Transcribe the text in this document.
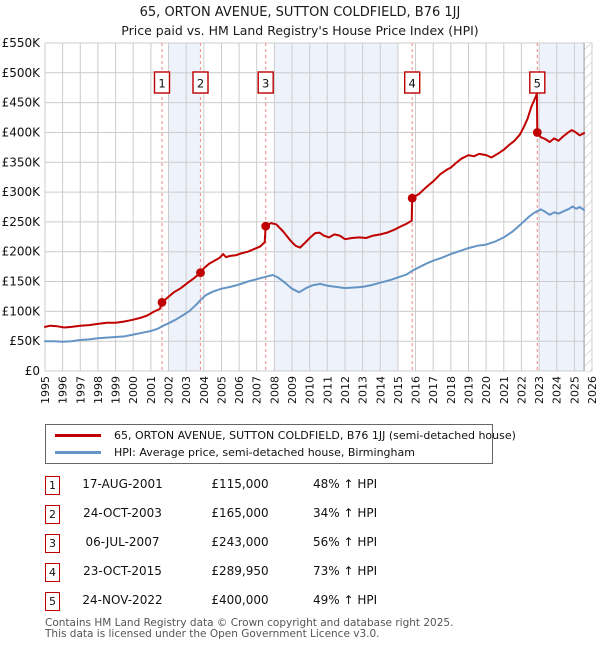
65, ORTON AVENUE, SUTTON COLDFIELD, B76 1JJ
Price paid vs. HM Land Registry's House Price Index (HPI)
1	2	3	4	5
£0
£50K
£100K
£150K
£200K
£250K
£300K
£350K
£400K
£450K
£500K
£550K
1995 1996 1997 1998 1999 2000 2001 2002 2003 2004 2005 2006 2007 2008 2009 2010 2011 2012 2013 2014 2015 2016 2017 2018 2019 2020 2021 2022 2023 2024 2025 2026
65, ORTON AVENUE, SUTTON COLDFIELD, B76 1JJ (semi-detached house)
HPI: Average price, semi-detached house, Birmingham
1	17-AUG-2001	£115,000	48% ↑ HPI
2	24-OCT-2003	£165,000	34% ↑ HPI
3	06-JUL-2007	£243,000	56% ↑ HPI
4	23-OCT-2015	£289,950	73% ↑ HPI
5	24-NOV-2022	£400,000	49% ↑ HPI
Contains HM Land Registry data © Crown copyright and database right 2025.
This data is licensed under the Open Government Licence v3.0.
